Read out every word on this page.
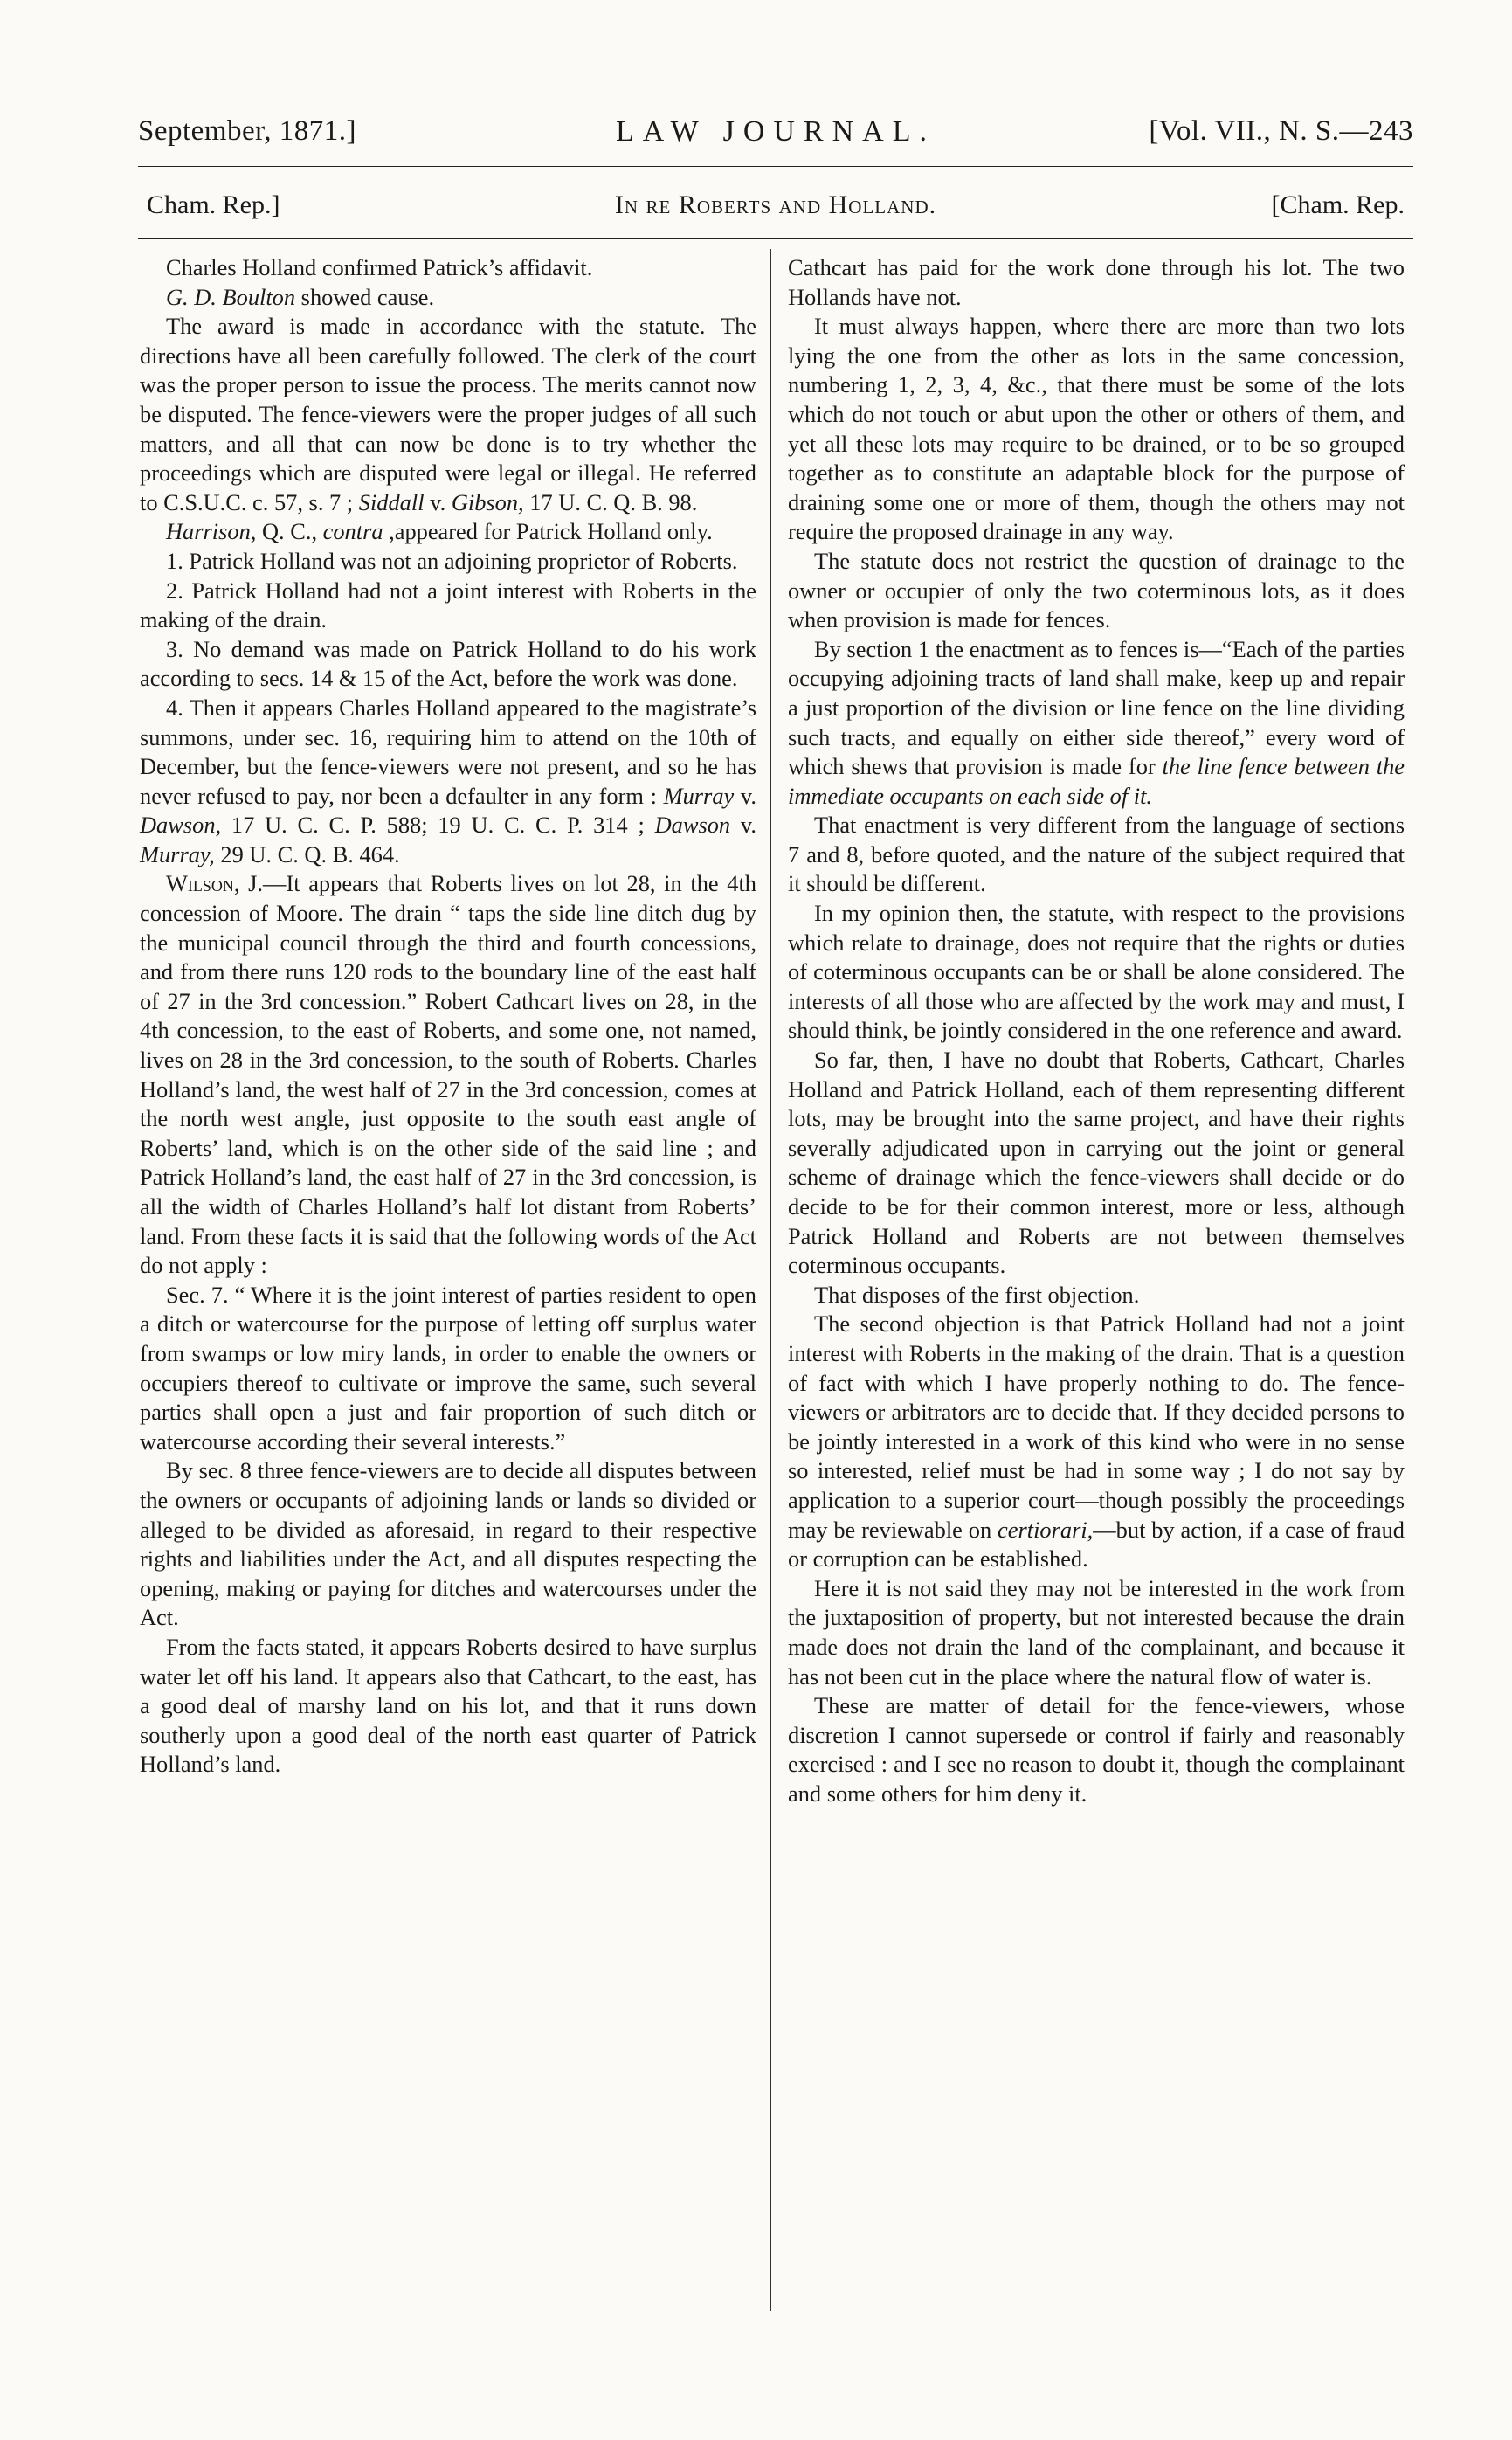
September, 1871.]	LAW JOURNAL.	[Vol. VII., N. S.—243
Cham. Rep.]	In re Roberts and Holland.	[Cham. Rep.

Charles Holland confirmed Patrick’s affidavit.

G. D. Boulton showed cause.

The award is made in accordance with the statute. The directions have all been carefully followed. The clerk of the court was the proper person to issue the process. The merits cannot now be disputed. The fence-viewers were the proper judges of all such matters, and all that can now be done is to try whether the proceedings which are disputed were legal or illegal. He referred to C.S.U.C. c. 57, s. 7 ; Siddall v. Gibson, 17 U. C. Q. B. 98.

Harrison, Q. C., contra ,appeared for Patrick Holland only.

1. Patrick Holland was not an adjoining proprietor of Roberts.

2. Patrick Holland had not a joint interest with Roberts in the making of the drain.

3. No demand was made on Patrick Holland to do his work according to secs. 14 & 15 of the Act, before the work was done.

4. Then it appears Charles Holland appeared to the magistrate’s summons, under sec. 16, requiring him to attend on the 10th of December, but the fence-viewers were not present, and so he has never refused to pay, nor been a defaulter in any form : Murray v. Dawson, 17 U. C. C. P. 588; 19 U. C. C. P. 314 ; Dawson v. Murray, 29 U. C. Q. B. 464.

Wilson, J.—It appears that Roberts lives on lot 28, in the 4th concession of Moore. The drain “ taps the side line ditch dug by the municipal council through the third and fourth concessions, and from there runs 120 rods to the boundary line of the east half of 27 in the 3rd concession.” Robert Cathcart lives on 28, in the 4th concession, to the east of Roberts, and some one, not named, lives on 28 in the 3rd concession, to the south of Roberts. Charles Holland’s land, the west half of 27 in the 3rd concession, comes at the north west angle, just opposite to the south east angle of Roberts’ land, which is on the other side of the said line ; and Patrick Holland’s land, the east half of 27 in the 3rd concession, is all the width of Charles Holland’s half lot distant from Roberts’ land. From these facts it is said that the following words of the Act do not apply :

Sec. 7. “ Where it is the joint interest of parties resident to open a ditch or watercourse for the purpose of letting off surplus water from swamps or low miry lands, in order to enable the owners or occupiers thereof to cultivate or improve the same, such several parties shall open a just and fair proportion of such ditch or watercourse according their several interests.”

By sec. 8 three fence-viewers are to decide all disputes between the owners or occupants of adjoining lands or lands so divided or alleged to be divided as aforesaid, in regard to their respective rights and liabilities under the Act, and all disputes respecting the opening, making or paying for ditches and watercourses under the Act.

From the facts stated, it appears Roberts desired to have surplus water let off his land. It appears also that Cathcart, to the east, has a good deal of marshy land on his lot, and that it runs down southerly upon a good deal of the north east quarter of Patrick Holland’s land.

Cathcart has paid for the work done through his lot. The two Hollands have not.

It must always happen, where there are more than two lots lying the one from the other as lots in the same concession, numbering 1, 2, 3, 4, &c., that there must be some of the lots which do not touch or abut upon the other or others of them, and yet all these lots may require to be drained, or to be so grouped together as to constitute an adaptable block for the purpose of draining some one or more of them, though the others may not require the proposed drainage in any way.

The statute does not restrict the question of drainage to the owner or occupier of only the two coterminous lots, as it does when provision is made for fences.

By section 1 the enactment as to fences is—“Each of the parties occupying adjoining tracts of land shall make, keep up and repair a just proportion of the division or line fence on the line dividing such tracts, and equally on either side thereof,” every word of which shews that provision is made for the line fence between the immediate occupants on each side of it.

That enactment is very different from the language of sections 7 and 8, before quoted, and the nature of the subject required that it should be different.

In my opinion then, the statute, with respect to the provisions which relate to drainage, does not require that the rights or duties of coterminous occupants can be or shall be alone considered. The interests of all those who are affected by the work may and must, I should think, be jointly considered in the one reference and award.

So far, then, I have no doubt that Roberts, Cathcart, Charles Holland and Patrick Holland, each of them representing different lots, may be brought into the same project, and have their rights severally adjudicated upon in carrying out the joint or general scheme of drainage which the fence-viewers shall decide or do decide to be for their common interest, more or less, although Patrick Holland and Roberts are not between themselves coterminous occupants.

That disposes of the first objection.

The second objection is that Patrick Holland had not a joint interest with Roberts in the making of the drain. That is a question of fact with which I have properly nothing to do. The fence-viewers or arbitrators are to decide that. If they decided persons to be jointly interested in a work of this kind who were in no sense so interested, relief must be had in some way ; I do not say by application to a superior court—though possibly the proceedings may be reviewable on certiorari,—but by action, if a case of fraud or corruption can be established.

Here it is not said they may not be interested in the work from the juxtaposition of property, but not interested because the drain made does not drain the land of the complainant, and because it has not been cut in the place where the natural flow of water is.

These are matter of detail for the fence-viewers, whose discretion I cannot supersede or control if fairly and reasonably exercised : and I see no reason to doubt it, though the complainant and some others for him deny it.
